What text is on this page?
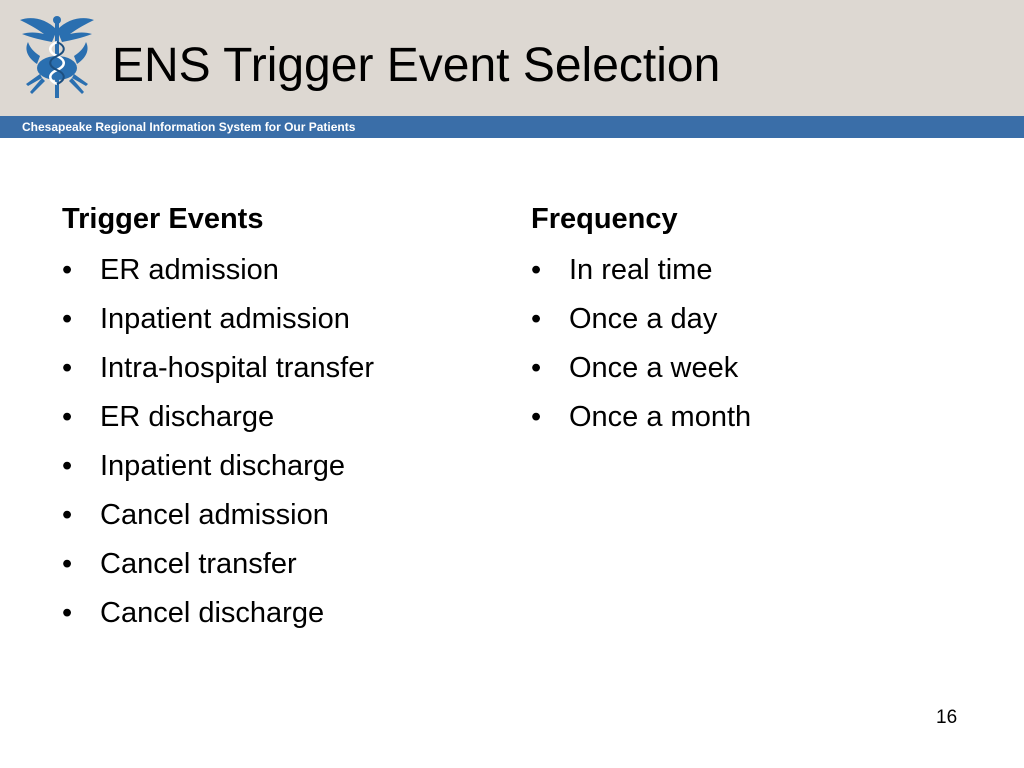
ENS Trigger Event Selection
Chesapeake Regional Information System for Our Patients
Trigger Events
• ER admission
• Inpatient admission
• Intra-hospital transfer
• ER discharge
• Inpatient discharge
• Cancel admission
• Cancel transfer
• Cancel discharge
Frequency
• In real time
• Once a day
• Once a week
• Once a month
16
